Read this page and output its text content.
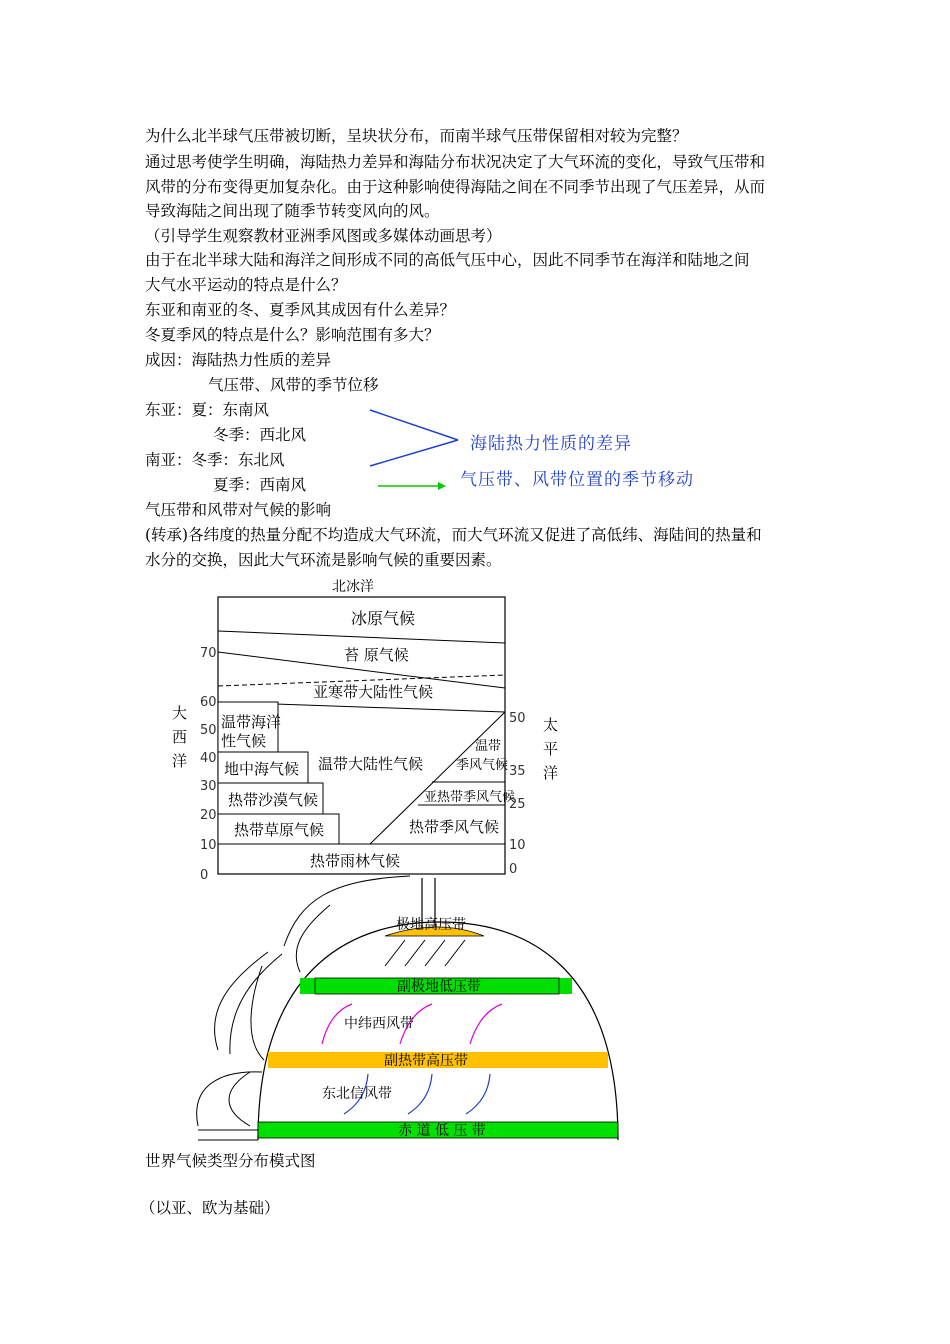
为什么北半球气压带被切断，呈块状分布，而南半球气压带保留相对较为完整？
通过思考使学生明确，海陆热力差异和海陆分布状况决定了大气环流的变化，导致气压带和
风带的分布变得更加复杂化。由于这种影响使得海陆之间在不同季节出现了气压差异，从而
导致海陆之间出现了随季节转变风向的风。
（引导学生观察教材亚洲季风图或多媒体动画思考）
由于在北半球大陆和海洋之间形成不同的高低气压中心，因此不同季节在海洋和陆地之间
大气水平运动的特点是什么？
东亚和南亚的冬、夏季风其成因有什么差异？
冬夏季风的特点是什么？影响范围有多大？
成因：海陆热力性质的差异
气压带、风带的季节位移
东亚：夏：东南风
冬季：西北风
南亚：冬季：东北风
夏季：西南风
气压带和风带对气候的影响
(转承)各纬度的热量分配不均造成大气环流，而大气环流又促进了高低纬、海陆间的热量和
水分的交换，因此大气环流是影响气候的重要因素。
海陆热力性质的差异
气压带、风带位置的季节移动
北冰洋
冰原气候
苔 原气候
亚寒带大陆性气候
温带海洋
性气候
地中海气候 温带大陆性气候
温带
季风气候
亚热带季风气候
热带沙漠气候
热带草原气候	热带季风气候
热带雨林气候
70
60
50
40
30
20
10
0
50
35
25
10
0
大
西
洋
太
平
洋
极地高压带
副极地低压带
中纬西风带
副热带高压带
东北信风带
赤 道 低 压 带
世界气候类型分布模式图
（以亚、欧为基础）
